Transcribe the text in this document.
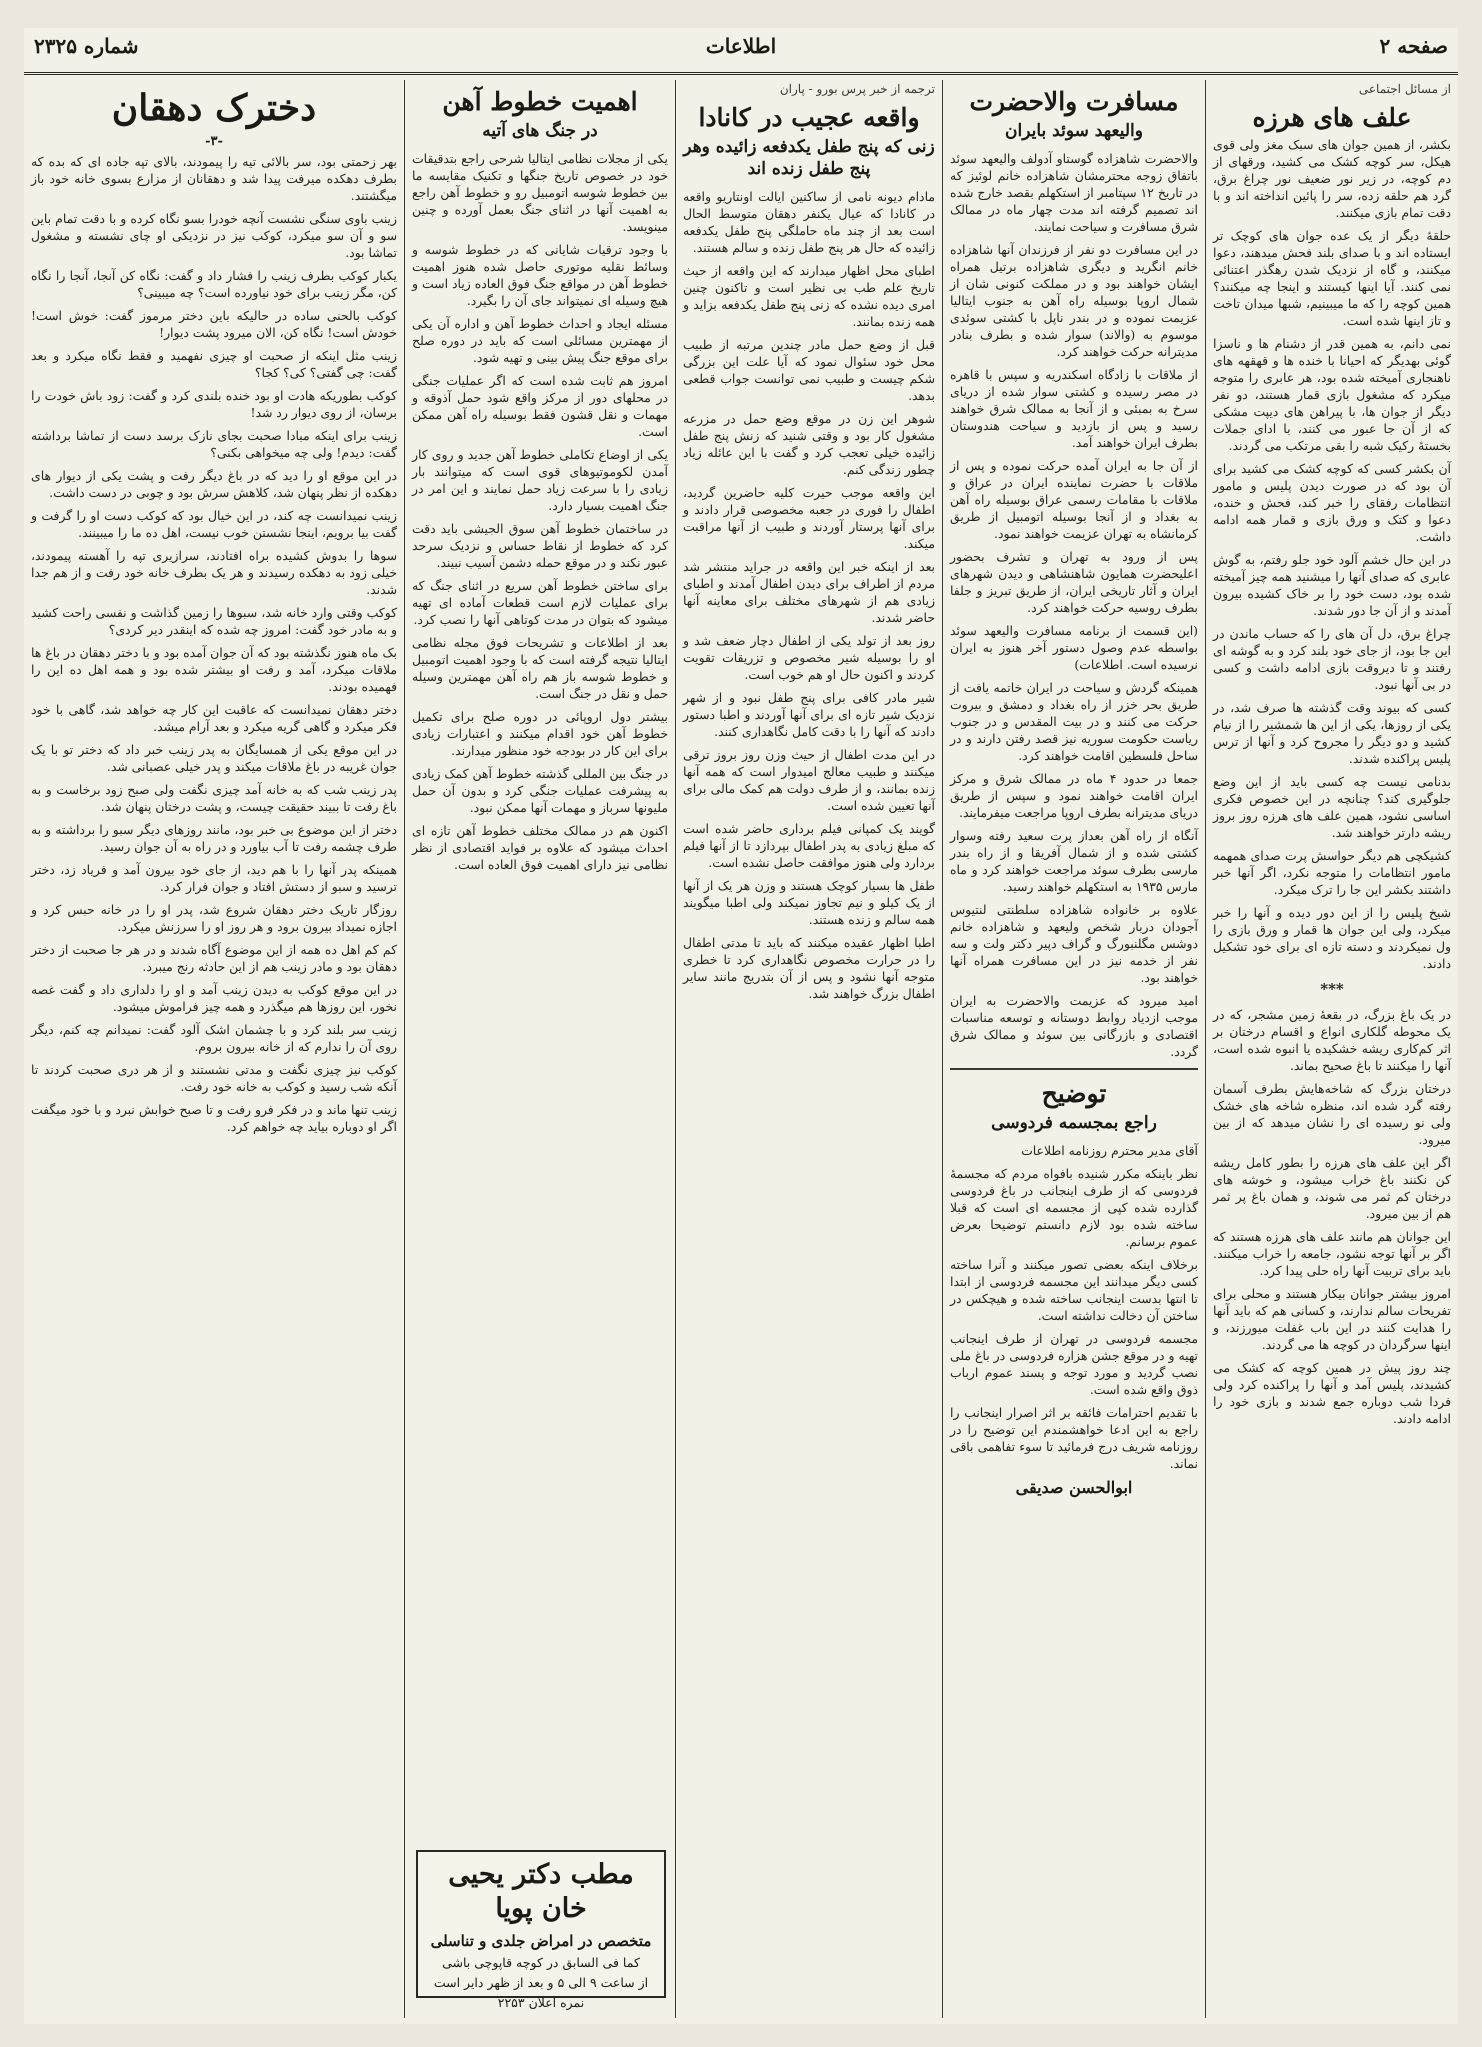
صفحه ۲
اطلاعات
شماره ۲۳۲۵
از مسائل اجتماعی
علف های هرزه

بکشر، از همین جوان های سبک مغز ولی قوی هیکل، سر کوچه کشک می کشید، ورقهای از دم کوچه، در زیر نور ضعیف نور چراغ برق، گرد هم حلقه زده، سر را پائین انداخته اند و با دقت تمام بازی میکنند.

حلقهٔ دیگر از یک عده جوان های کوچک تر ایستاده اند و با صدای بلند فحش میدهند، دعوا میکنند، و گاه از نزدیک شدن رهگذر اعتنائی نمی کنند. آیا اینها کیستند و اینجا چه میکنند؟ همین کوچه را که ما میبینیم، شبها میدان تاخت و تاز اینها شده است.

نمی دانم، به همین قدر از دشنام ها و ناسزا گوئی بهدیگر که احیانا با خنده ها و قهقهه های ناهنجاری آمیخته شده بود، هر عابری را متوجه میکرد که مشغول بازی قمار هستند، دو نفر دیگر از جوان ها، با پیراهن های دیپت مشکی که از آن جا عبور می کنند، با ادای جملات بخستهٔ رکیک شبه را بقی مرتکب می گردند.

آن بکشر کسی که کوچه کشک می کشید برای آن بود که در صورت دیدن پلیس و مامور انتظامات رفقای را خبر کند، فحش و خنده، دعوا و کتک و ورق بازی و قمار همه ادامه داشت.

در این حال خشم آلود خود جلو رفتم، به گوش عابری که صدای آنها را میشنید همه چیز آمیخته شده بود، دست خود را بر خاک کشیده بیرون آمدند و از آن جا دور شدند.

چراغ برق، دل آن های را که حساب ماندن در این جا بود، از جای خود بلند کرد و به گوشه ای رفتند و تا دیروقت بازی ادامه داشت و کسی در بی آنها نبود.

کسی که بیوند وقت گذشته ها صرف شد، در یکی از روزها، یکی از این ها شمشیر را از نیام کشید و دو دیگر را مجروح کرد و آنها از ترس پلیس پراکنده شدند.

بدنامی نیست چه کسی باید از این وضع جلوگیری کند؟ چنانچه در این خصوص فکری اساسی نشود، همین علف های هرزه روز بروز ریشه دارتر خواهند شد.

کشیکچی هم دیگر حواسش پرت صدای همهمه مامور انتظامات را متوجه نکرد، اگر آنها خبر داشتند بکشر این جا را ترک میکرد.

شیخ پلیس را از این دور دیده و آنها را خبر میکرد، ولی این جوان ها قمار و ورق بازی را ول نمیکردند و دسته تازه ای برای خود تشکیل دادند.

***

در یک باغ بزرگ، در بقعهٔ زمین مشجر، که در یک محوطه گلکاری انواع و اقسام درختان بر اثر کم‌کاری ریشه خشکیده یا انبوه شده است، آنها را میکنند تا باغ صحیح بماند.

درختان بزرگ که شاخه‌هایش بطرف آسمان رفته گرد شده اند، منظره شاخه های خشک ولی نو رسیده ای را نشان میدهد که از بین میرود.

اگر این علف های هرزه را بطور کامل ریشه کن نکنند باغ خراب میشود، و خوشه های درختان کم ثمر می شوند، و همان باغ پر ثمر هم از بین میرود.

این جوانان هم مانند علف های هرزه هستند که اگر بر آنها توجه نشود، جامعه را خراب میکنند. باید برای تربیت آنها راه حلی پیدا کرد.

امروز بیشتر جوانان بیکار هستند و محلی برای تفریحات سالم ندارند، و کسانی هم که باید آنها را هدایت کنند در این باب غفلت میورزند، و اینها سرگردان در کوچه ها می گردند.

چند روز پیش در همین کوچه که کشک می کشیدند، پلیس آمد و آنها را پراکنده کرد ولی فردا شب دوباره جمع شدند و بازی خود را ادامه دادند.

مسافرت والاحضرت
والیعهد سوئد بایران

والاحضرت شاهزاده گوستاو آدولف والیعهد سوئد باتفاق زوجه محترمشان شاهزاده خانم لوئیز که در تاریخ ۱۲ سپتامبر از استکهلم بقصد خارج شده اند تصمیم گرفته اند مدت چهار ماه در ممالک شرق مسافرت و سیاحت نمایند.

در این مسافرت دو نفر از فرزندان آنها شاهزاده خانم انگرید و دیگری شاهزاده برتیل همراه ایشان خواهند بود و در مملکت کنونی شان از شمال اروپا بوسیله راه آهن به جنوب ایتالیا عزیمت نموده و در بندر ناپل با کشتی سوئدی موسوم به (والاند) سوار شده و بطرف بنادر مدیترانه حرکت خواهند کرد.

از ملاقات با زادگاه اسکندریه و سپس با قاهره در مصر رسیده و کشتی سوار شده از دریای سرخ به بمبئی و از آنجا به ممالک شرق خواهند رسید و پس از بازدید و سیاحت هندوستان بطرف ایران خواهند آمد.

از آن جا به ایران آمده حرکت نموده و پس از ملاقات با حضرت نماینده ایران در عراق و ملاقات با مقامات رسمی عراق بوسیله راه آهن به بغداد و از آنجا بوسیله اتومبیل از طریق کرمانشاه به تهران عزیمت خواهند نمود.

پس از ورود به تهران و تشرف بحضور اعلیحضرت همایون شاهنشاهی و دیدن شهرهای ایران و آثار تاریخی ایران، از طریق تبریز و جلفا بطرف روسیه حرکت خواهند کرد.

(این قسمت از برنامه مسافرت والیعهد سوئد بواسطه عدم وصول دستور آخر هنوز به ایران نرسیده است. اطلاعات)

همینکه گردش و سیاحت در ایران خاتمه یافت از طریق بحر خزر از راه بغداد و دمشق و بیروت حرکت می کنند و در بیت المقدس و در جنوب ریاست حکومت سوریه نیز قصد رفتن دارند و در ساحل فلسطین اقامت خواهند کرد.

جمعا در حدود ۴ ماه در ممالک شرق و مرکز ایران اقامت خواهند نمود و سپس از طریق دریای مدیترانه بطرف اروپا مراجعت میفرمایند.

آنگاه از راه آهن بعداز پرت سعید رفته وسوار کشتی شده و از شمال آفریقا و از راه بندر مارسی بطرف سوئد مراجعت خواهند کرد و ماه مارس ۱۹۳۵ به استکهلم خواهند رسید.

علاوه بر خانواده شاهزاده سلطنتی لنتیوس آجودان دربار شخص ولیعهد و شاهزاده خانم دوشس مگلنبورگ و گراف دپیر دکتر ولت و سه نفر از خدمه نیز در این مسافرت همراه آنها خواهند بود.

امید میرود که عزیمت والاحضرت به ایران موجب ازدیاد روابط دوستانه و توسعه مناسبات اقتصادی و بازرگانی بین سوئد و ممالک شرق گردد.

توضیح
راجع بمجسمه فردوسی

آقای مدیر محترم روزنامه اطلاعات

نظر باینکه مکرر شنیده بافواه مردم که مجسمهٔ فردوسی که از طرف اینجانب در باغ فردوسی گذارده شده کپی از مجسمه ای است که قبلا ساخته شده بود لازم دانستم توضیحا بعرض عموم برسانم.

برخلاف اینکه بعضی تصور میکنند و آنرا ساخته کسی دیگر میدانند این مجسمه فردوسی از ابتدا تا انتها بدست اینجانب ساخته شده و هیچکس در ساختن آن دخالت نداشته است.

مجسمه فردوسی در تهران از طرف اینجانب تهیه و در موقع جشن هزاره فردوسی در باغ ملی نصب گردید و مورد توجه و پسند عموم ارباب ذوق واقع شده است.

با تقدیم احترامات فائقه بر اثر اصرار اینجانب را راجع به این ادعا خواهشمندم این توضیح را در روزنامه شریف درج فرمائید تا سوء تفاهمی باقی نماند.

ابوالحسن صدیقی
ترجمه از خبر پرس بورو - پاران
واقعه عجیب در کانادا
زنی که پنج طفل یکدفعه زائیده وهر پنج طفل زنده اند

مادام دیونه نامی از ساکنین ایالت اونتاریو واقعه در کانادا که عیال یکنفر دهقان متوسط الحال است بعد از چند ماه حاملگی پنج طفل یکدفعه زائیده که حال هر پنج طفل زنده و سالم هستند.

اطبای محل اظهار میدارند که این واقعه از حیث تاریخ علم طب بی نظیر است و تاکنون چنین امری دیده نشده که زنی پنج طفل یکدفعه بزاید و همه زنده بمانند.

قبل از وضع حمل مادر چندین مرتبه از طبیب محل خود سئوال نمود که آیا علت این بزرگی شکم چیست و طبیب نمی توانست جواب قطعی بدهد.

شوهر این زن در موقع وضع حمل در مزرعه مشغول کار بود و وقتی شنید که زنش پنج طفل زائیده خیلی تعجب کرد و گفت با این عائله زیاد چطور زندگی کنم.

این واقعه موجب حیرت کلیه حاضرین گردید، اطفال را فوری در جعبه مخصوصی قرار دادند و برای آنها پرستار آوردند و طبیب از آنها مراقبت میکند.

بعد از اینکه خبر این واقعه در جراید منتشر شد مردم از اطراف برای دیدن اطفال آمدند و اطبای زیادی هم از شهرهای مختلف برای معاینه آنها حاضر شدند.

روز بعد از تولد یکی از اطفال دچار ضعف شد و او را بوسیله شیر مخصوص و تزریقات تقویت کردند و اکنون حال او هم خوب است.

شیر مادر کافی برای پنج طفل نبود و از شهر نزدیک شیر تازه ای برای آنها آوردند و اطبا دستور دادند که آنها را با دقت کامل نگاهداری کنند.

در این مدت اطفال از حیث وزن روز بروز ترقی میکنند و طبیب معالج امیدوار است که همه آنها زنده بمانند، و از طرف دولت هم کمک مالی برای آنها تعیین شده است.

گویند یک کمپانی فیلم برداری حاضر شده است که مبلغ زیادی به پدر اطفال بپردازد تا از آنها فیلم بردارد ولی هنوز موافقت حاصل نشده است.

طفل ها بسیار کوچک هستند و وزن هر یک از آنها از یک کیلو و نیم تجاوز نمیکند ولی اطبا میگویند همه سالم و زنده هستند.

اطبا اظهار عقیده میکنند که باید تا مدتی اطفال را در حرارت مخصوص نگاهداری کرد تا خطری متوجه آنها نشود و پس از آن بتدریج مانند سایر اطفال بزرگ خواهند شد.

اهمیت خطوط آهن
در جنگ های آتیه

یکی از مجلات نظامی ایتالیا شرحی راجع بتدقیقات خود در خصوص تاریخ جنگها و تکنیک مقایسه ما بین خطوط شوسه اتومبیل رو و خطوط آهن راجع به اهمیت آنها در اثنای جنگ بعمل آورده و چنین مینویسد.

با وجود ترقیات شایانی که در خطوط شوسه و وسائط نقلیه موتوری حاصل شده هنوز اهمیت خطوط آهن در مواقع جنگ فوق العاده زیاد است و هیچ وسیله ای نمیتواند جای آن را بگیرد.

مسئله ایجاد و احداث خطوط آهن و اداره آن یکی از مهمترین مسائلی است که باید در دوره صلح برای موقع جنگ پیش بینی و تهیه شود.

امروز هم ثابت شده است که اگر عملیات جنگی در محلهای دور از مرکز واقع شود حمل آذوقه و مهمات و نقل قشون فقط بوسیله راه آهن ممکن است.

یکی از اوضاع تکاملی خطوط آهن جدید و روی کار آمدن لکوموتیوهای قوی است که میتوانند بار زیادی را با سرعت زیاد حمل نمایند و این امر در جنگ اهمیت بسیار دارد.

در ساختمان خطوط آهن سوق الجیشی باید دقت کرد که خطوط از نقاط حساس و نزدیک سرحد عبور نکند و در موقع حمله دشمن آسیب نبیند.

برای ساختن خطوط آهن سریع در اثنای جنگ که برای عملیات لازم است قطعات آماده ای تهیه میشود که بتوان در مدت کوتاهی آنها را نصب کرد.

بعد از اطلاعات و تشریحات فوق مجله نظامی ایتالیا نتیجه گرفته است که با وجود اهمیت اتومبیل و خطوط شوسه باز هم راه آهن مهمترین وسیله حمل و نقل در جنگ است.

بیشتر دول اروپائی در دوره صلح برای تکمیل خطوط آهن خود اقدام میکنند و اعتبارات زیادی برای این کار در بودجه خود منظور میدارند.

در جنگ بین المللی گذشته خطوط آهن کمک زیادی به پیشرفت عملیات جنگی کرد و بدون آن حمل ملیونها سرباز و مهمات آنها ممکن نبود.

اکنون هم در ممالک مختلف خطوط آهن تازه ای احداث میشود که علاوه بر فواید اقتصادی از نظر نظامی نیز دارای اهمیت فوق العاده است.

دخترک دهقان
-۳-

بهر زحمتی بود، سر بالائی تیه را پیمودند، بالای تپه جاده ای که بده که بطرف دهکده میرفت پیدا شد و دهقانان از مزارع بسوی خانه خود باز میگشتند.

زینب باوی سنگی نشست آنچه خودرا بسو نگاه کرده و با دقت تمام باین سو و آن سو میکرد، کوکب نیز در نزدیکی او چای نشسته و مشغول تماشا بود.

یکبار کوکب بطرف زینب را فشار داد و گفت: نگاه کن آنجا، آنجا را نگاه کن، مگر زینب برای خود نیاورده است؟ چه میبینی؟

کوکب بالحنی ساده در حالیکه باین دختر مرموز گفت: خوش است! خودش است! نگاه کن، الان میرود پشت دیوار!

زینب مثل اینکه از صحبت او چیزی نفهمید و فقط نگاه میکرد و بعد گفت: چی گفتی؟ کی؟ کجا؟

کوکب بطوریکه هادت او بود خنده بلندی کرد و گفت: زود باش خودت را برسان، از روی دیوار رد شد!

زینب برای اینکه مبادا صحبت بجای نازک برسد دست از تماشا برداشته گفت: دیدم! ولی چه میخواهی بکنی؟

در این موقع او را دید که در باغ دیگر رفت و پشت یکی از دیوار های دهکده از نظر پنهان شد، کلاهش سرش بود و چوبی در دست داشت.

زینب نمیدانست چه کند، در این خیال بود که کوکب دست او را گرفت و گفت بیا برویم، اینجا نشستن خوب نیست، اهل ده ما را میبینند.

سوها را بدوش کشیده براه افتادند، سرازیری تپه را آهسته پیمودند، خیلی زود به دهکده رسیدند و هر یک بطرف خانه خود رفت و از هم جدا شدند.

کوکب وقتی وارد خانه شد، سبوها را زمین گذاشت و نفسی راحت کشید و به مادر خود گفت: امروز چه شده که اینقدر دیر کردی؟

بک ماه هنوز نگذشته بود که آن جوان آمده بود و با دختر دهقان در باغ ها ملاقات میکرد، آمد و رفت او بیشتر شده بود و همه اهل ده این را فهمیده بودند.

دختر دهقان نمیدانست که عاقبت این کار چه خواهد شد، گاهی با خود فکر میکرد و گاهی گریه میکرد و بعد آرام میشد.

در این موقع یکی از همسایگان به پدر زینب خبر داد که دختر تو با یک جوان غریبه در باغ ملاقات میکند و پدر خیلی عصبانی شد.

پدر زینب شب که به خانه آمد چیزی نگفت ولی صبح زود برخاست و به باغ رفت تا ببیند حقیقت چیست، و پشت درختان پنهان شد.

دختر از این موضوع بی خبر بود، مانند روزهای دیگر سبو را برداشته و به طرف چشمه رفت تا آب بیاورد و در راه به آن جوان رسید.

همینکه پدر آنها را با هم دید، از جای خود بیرون آمد و فریاد زد، دختر ترسید و سبو از دستش افتاد و جوان فرار کرد.

روزگار تاریک دختر دهقان شروع شد، پدر او را در خانه حبس کرد و اجازه نمیداد بیرون برود و هر روز او را سرزنش میکرد.

کم کم اهل ده همه از این موضوع آگاه شدند و در هر جا صحبت از دختر دهقان بود و مادر زینب هم از این حادثه رنج میبرد.

در این موقع کوکب به دیدن زینب آمد و او را دلداری داد و گفت غصه نخور، این روزها هم میگذرد و همه چیز فراموش میشود.

زینب سر بلند کرد و با چشمان اشک آلود گفت: نمیدانم چه کنم، دیگر روی آن را ندارم که از خانه بیرون بروم.

کوکب نیز چیزی نگفت و مدتی نشستند و از هر دری صحبت کردند تا آنکه شب رسید و کوکب به خانه خود رفت.

زینب تنها ماند و در فکر فرو رفت و تا صبح خوابش نبرد و با خود میگفت اگر او دوباره بیاید چه خواهم کرد.

مطب دکتر یحیی خان پویا

متخصص در امراض جلدی و تناسلی

کما فی السابق در کوچه قاپوچی باشی

از ساعت ۹ الی ۵ و بعد از ظهر دایر است

نمره اعلان ۲۲۵۳
